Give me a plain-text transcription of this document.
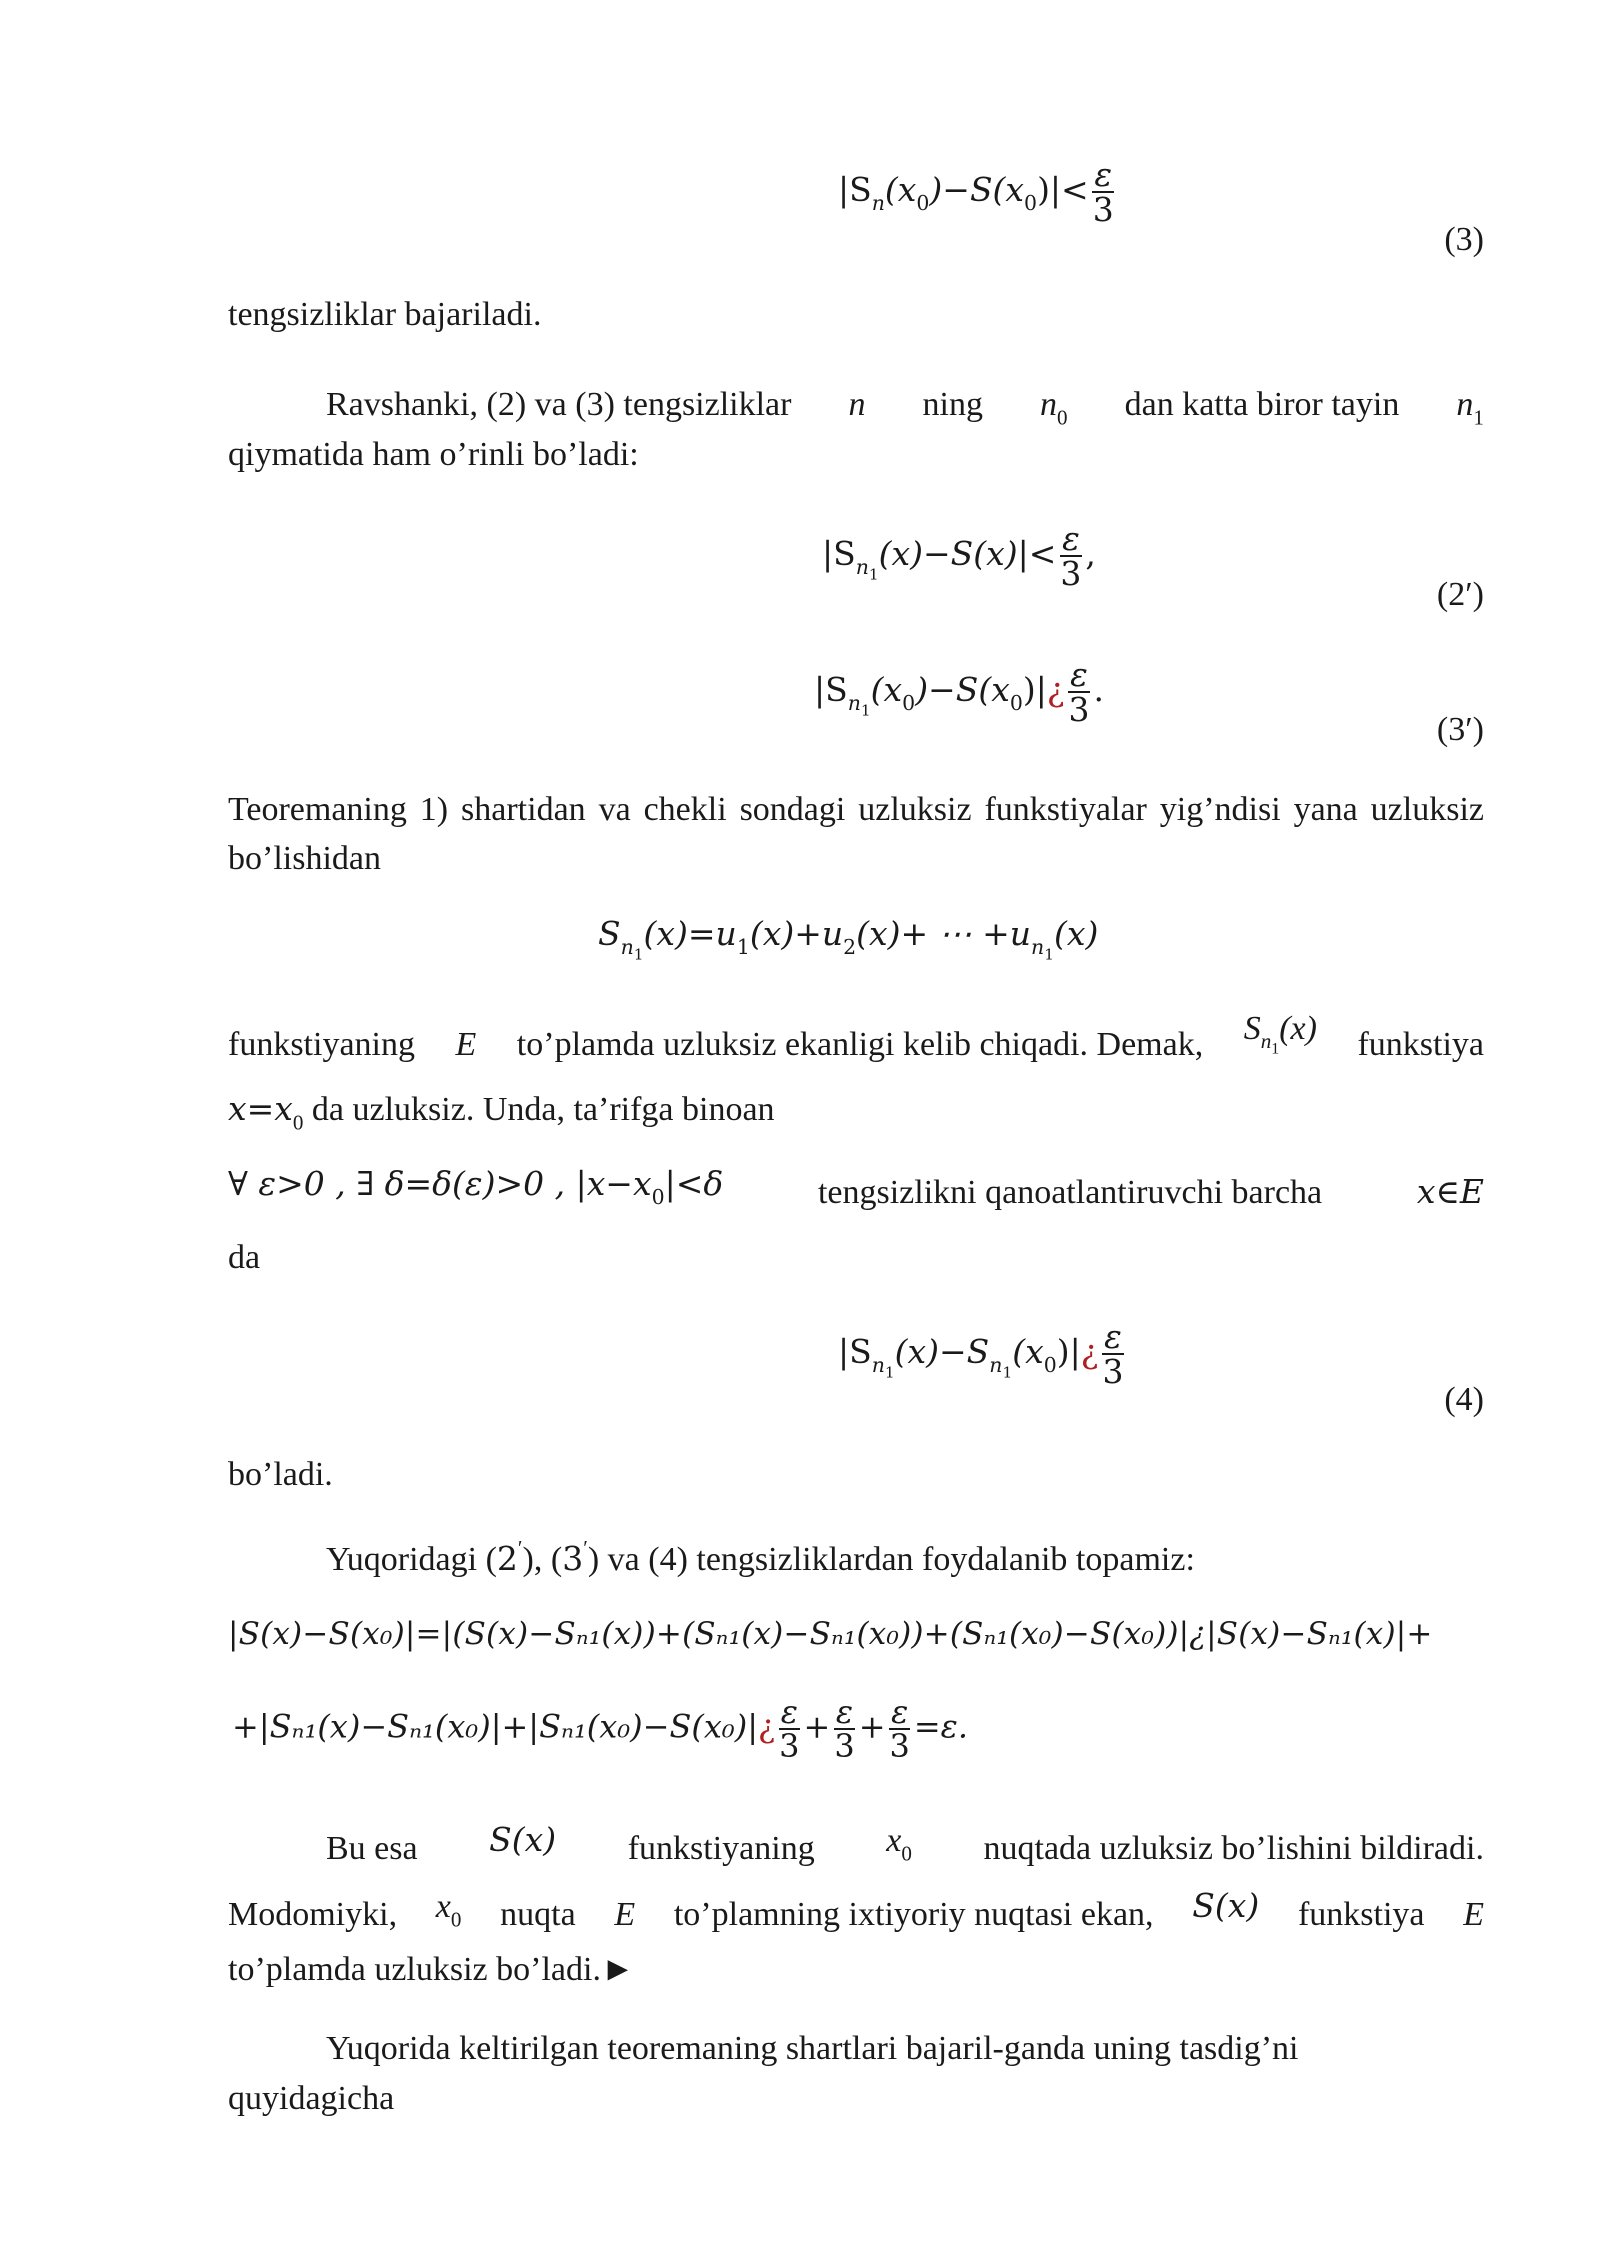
$|S_n(x_0)-S(x_0)|< \frac{\varepsilon}{3}$
(3)
tengsizliklar bajariladi.
Ravshanki, (2) va (3) tengsizliklar n ning $n_0$ dan katta biror tayin $n_1$
qiymatida ham o’rinli bo’ladi:
$|S_{n_1}(x)-S(x)|< \frac{\varepsilon}{3}$ ,
(2′)
$|S_{n_1}(x_0)-S(x_0)|¿ \frac{\varepsilon}{3}$ .
(3′)
Teoremaning 1) shartidan va chekli sondagi uzluksiz funkstiyalar yig’ndisi yana uzluksiz bo’lishidan
$S_{n_1}(x)=u_1(x)+u_2(x)+$ ⋯ $+u_{n_1}(x)$
funkstiyaning E to’plamda uzluksiz ekanligi kelib chiqadi. Demak, $S_{n_1}(x)$ funkstiya
$x=x_0$ da uzluksiz. Unda, ta’rifga binoan
∀ ε>0 , ∃ δ=δ(ε)>0 , $|x-x_0|<\delta$	tengsizlikni qanoatlantiruvchi barcha	x∈E
da
$|S_{n_1}(x)-S_{n_1}(x_0)|¿ \frac{\varepsilon}{3}$
(4)
bo’ladi.
Yuqoridagi (2′), (3′) va (4) tengsizliklardan foydalanib topamiz:
|S(x)−S(x₀)|=|(S(x)−Sₙ₁(x))+(Sₙ₁(x)−Sₙ₁(x₀))+(Sₙ₁(x₀)−S(x₀))|¿|S(x)−Sₙ₁(x)|+
+|Sₙ₁(x)−Sₙ₁(x₀)|+|Sₙ₁(x₀)−S(x₀)|¿ $\frac{\varepsilon}{3} + \frac{\varepsilon}{3} + \frac{\varepsilon}{3} =\varepsilon$.
Bu esa S(x) funkstiyaning $x_0$ nuqtada uzluksiz bo’lishini bildiradi.
Modomiyki, $x_0$ nuqta E to’plamning ixtiyoriy nuqtasi ekan, S(x) funkstiya E
to’plamda uzluksiz bo’ladi.►
Yuqorida keltirilgan teoremaning shartlari bajaril-ganda uning tasdig’ni
quyidagicha
